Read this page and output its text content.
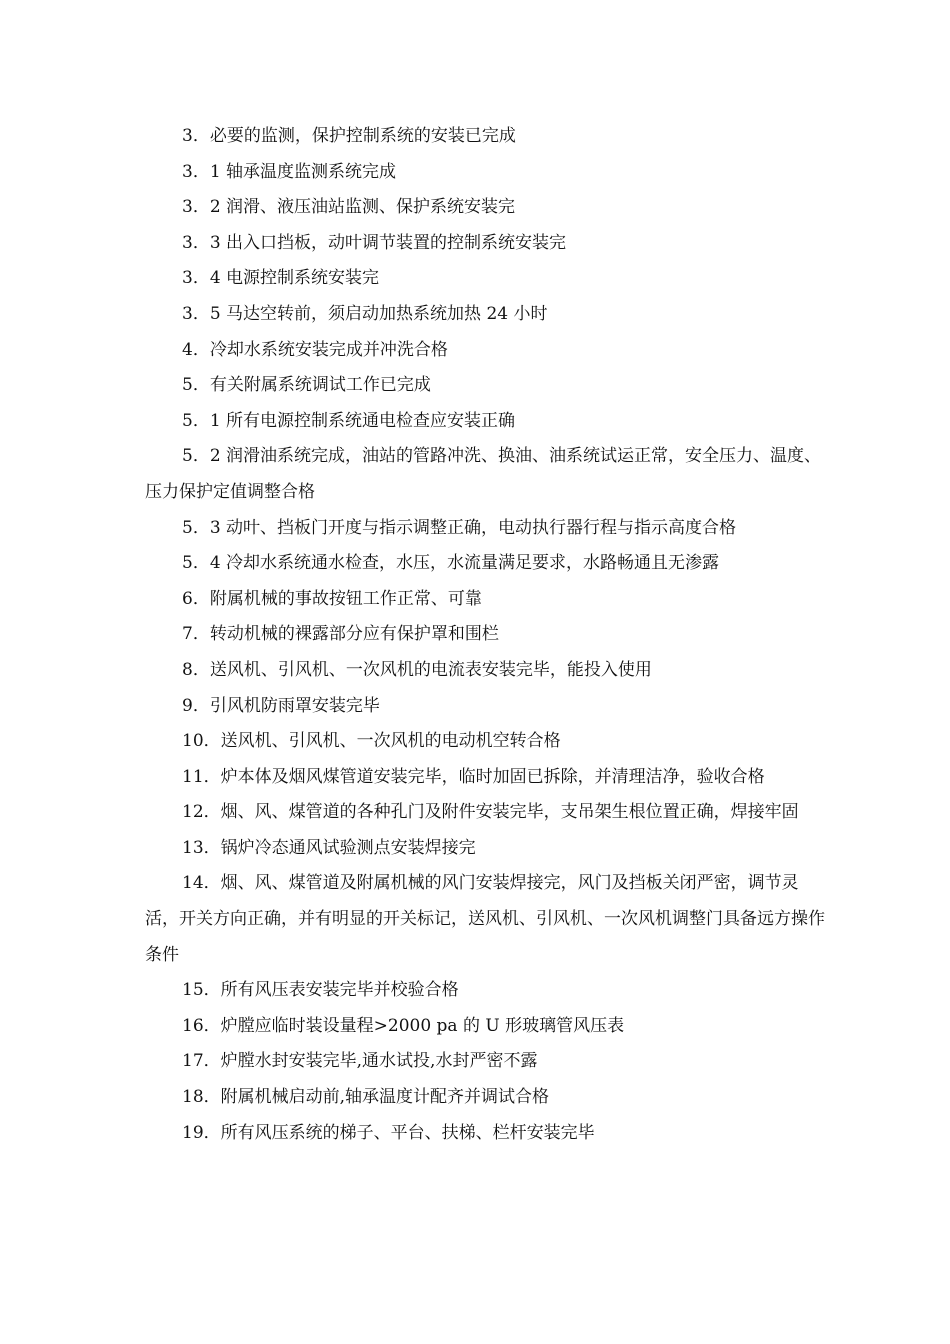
3．必要的监测，保护控制系统的安装已完成

3．1 轴承温度监测系统完成

3．2 润滑、液压油站监测、保护系统安装完

3．3 出入口挡板，动叶调节装置的控制系统安装完

3．4 电源控制系统安装完

3．5 马达空转前，须启动加热系统加热 24 小时

4．冷却水系统安装完成并冲洗合格

5．有关附属系统调试工作已完成

5．1 所有电源控制系统通电检查应安装正确

5．2 润滑油系统完成，油站的管路冲洗、换油、油系统试运正常，安全压力、温度、压力保护定值调整合格

5．3 动叶、挡板门开度与指示调整正确，电动执行器行程与指示高度合格

5．4 冷却水系统通水检查，水压，水流量满足要求，水路畅通且无渗露

6．附属机械的事故按钮工作正常、可靠

7．转动机械的裸露部分应有保护罩和围栏

8．送风机、引风机、一次风机的电流表安装完毕，能投入使用

9．引风机防雨罩安装完毕

10．送风机、引风机、一次风机的电动机空转合格

11．炉本体及烟风煤管道安装完毕，临时加固已拆除，并清理洁净，验收合格

12．烟、风、煤管道的各种孔门及附件安装完毕，支吊架生根位置正确，焊接牢固

13．锅炉冷态通风试验测点安装焊接完

14．烟、风、煤管道及附属机械的风门安装焊接完，风门及挡板关闭严密，调节灵活，开关方向正确，并有明显的开关标记，送风机、引风机、一次风机调整门具备远方操作条件

15．所有风压表安装完毕并校验合格

16．炉膛应临时装设量程>2000 pa 的 U 形玻璃管风压表

17．炉膛水封安装完毕,通水试投,水封严密不露

18．附属机械启动前,轴承温度计配齐并调试合格

19．所有风压系统的梯子、平台、扶梯、栏杆安装完毕
